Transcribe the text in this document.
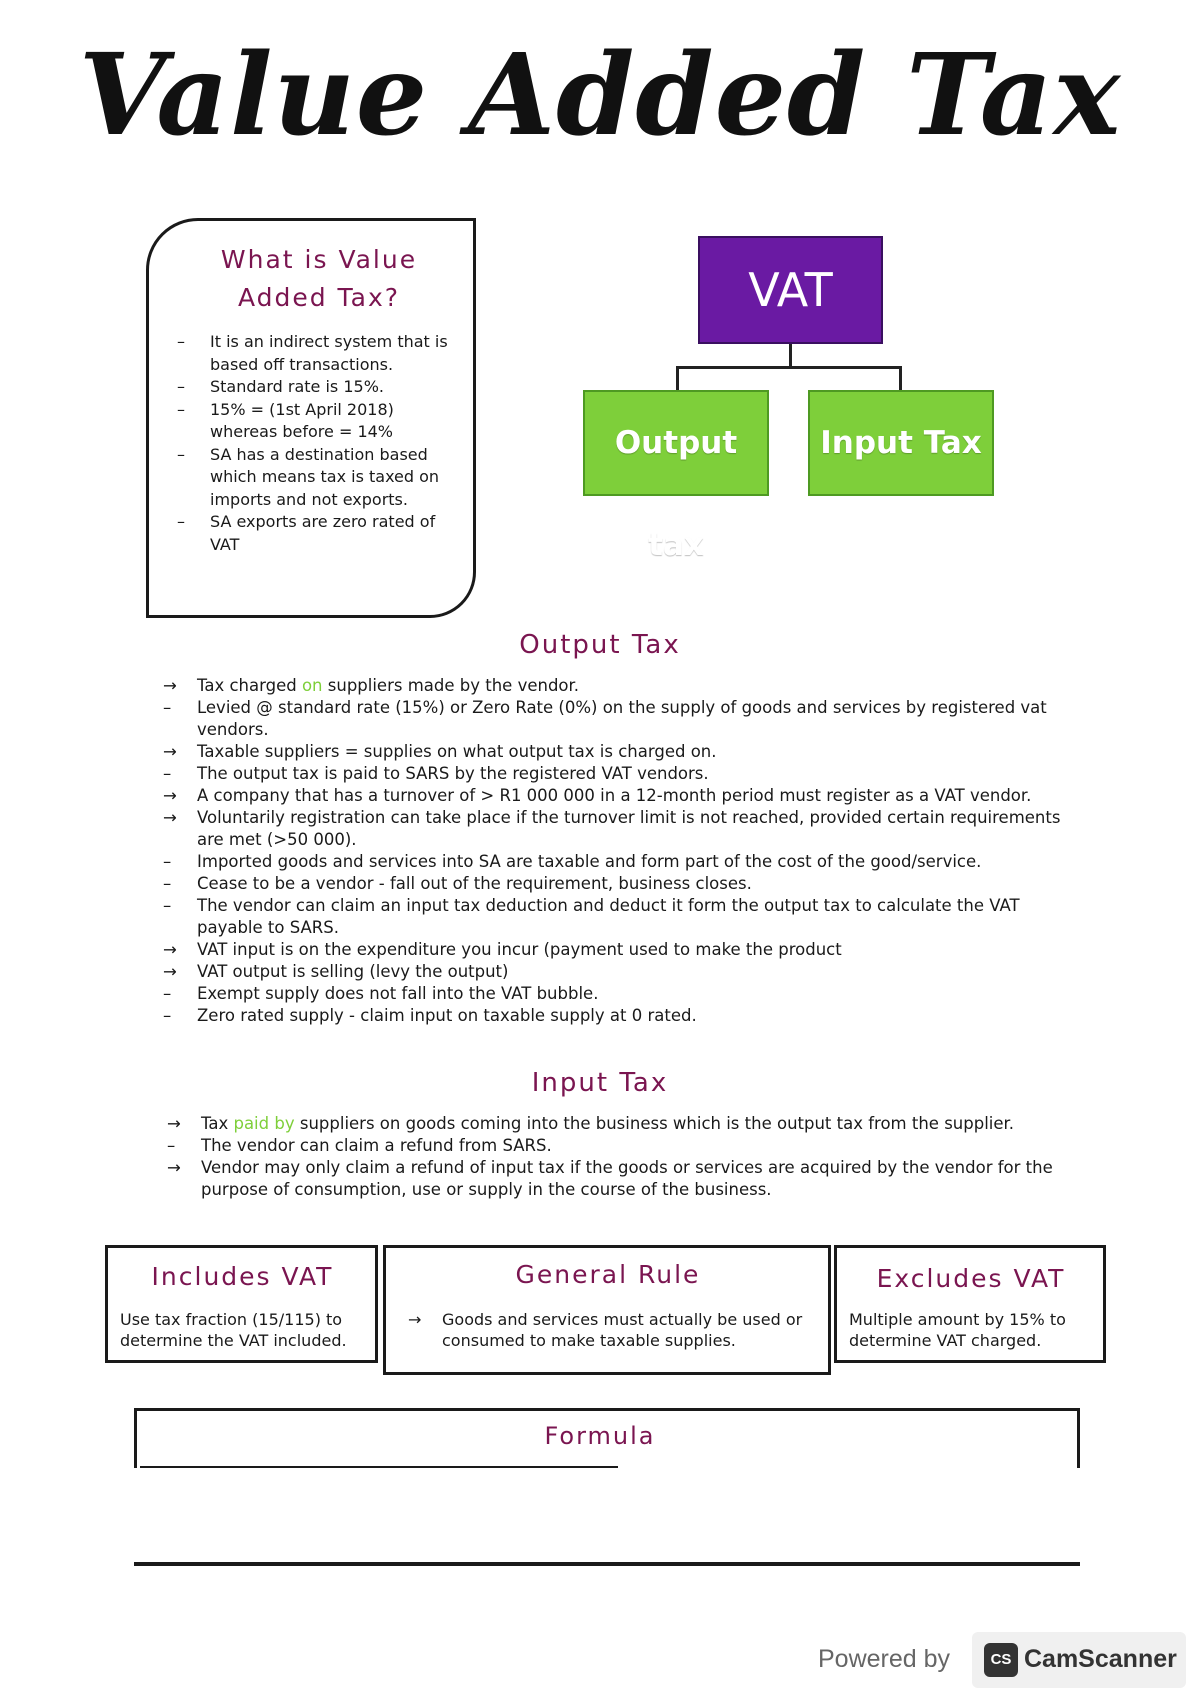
Value Added Tax
What is Value Added Tax?
– It is an indirect system that is based off transactions.
– Standard rate is 15%.
– 15% = (1st April 2018) whereas before = 14%
– SA has a destination based which means tax is taxed on imports and not exports.
– SA exports are zero rated of VAT
VAT
Output tax
Input Tax
Output Tax
→ Tax charged on suppliers made by the vendor.
– Levied @ standard rate (15%) or Zero Rate (0%) on the supply of goods and services by registered vat vendors.
→ Taxable suppliers = supplies on what output tax is charged on.
– The output tax is paid to SARS by the registered VAT vendors.
→ A company that has a turnover of > R1 000 000 in a 12-month period must register as a VAT vendor.
→ Voluntarily registration can take place if the turnover limit is not reached, provided certain requirements are met (>50 000).
– Imported goods and services into SA are taxable and form part of the cost of the good/service.
– Cease to be a vendor - fall out of the requirement, business closes.
– The vendor can claim an input tax deduction and deduct it form the output tax to calculate the VAT payable to SARS.
→ VAT input is on the expenditure you incur (payment used to make the product
→ VAT output is selling (levy the output)
– Exempt supply does not fall into the VAT bubble.
– Zero rated supply - claim input on taxable supply at 0 rated.
Input Tax
→ Tax paid by suppliers on goods coming into the business which is the output tax from the supplier.
– The vendor can claim a refund from SARS.
→ Vendor may only claim a refund of input tax if the goods or services are acquired by the vendor for the purpose of consumption, use or supply in the course of the business.
Includes VAT
Use tax fraction (15/115) to determine the VAT included.
General Rule
→ Goods and services must actually be used or consumed to make taxable supplies.
Excludes VAT
Multiple amount by 15% to determine VAT charged.
Formula
Powered by	CS CamScanner
